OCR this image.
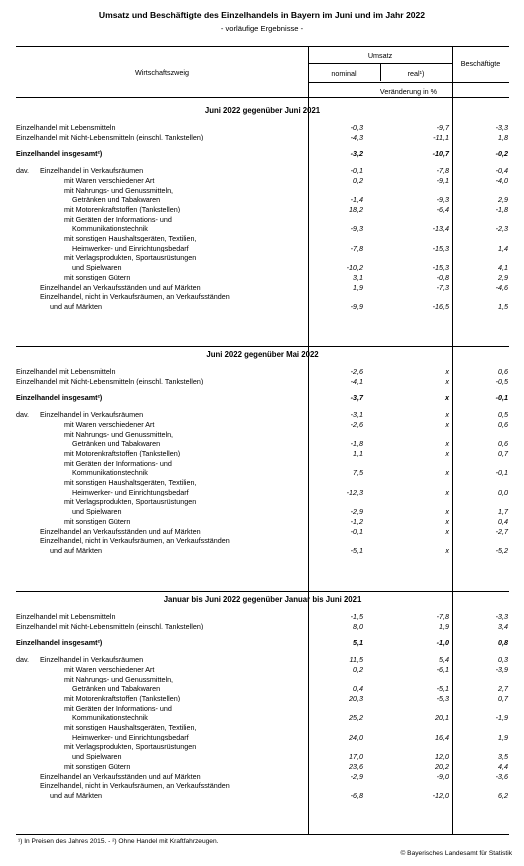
Umsatz und Beschäftigte des Einzelhandels in Bayern im Juni und im Jahr 2022
- vorläufige Ergebnisse -
Wirtschaftszweig
Umsatz
nominal	real¹)
Beschäftigte
Veränderung in %
Juni 2022 gegenüber Juni 2021
Einzelhandel mit Lebensmitteln	-0,3	-9,7	-3,3
Einzelhandel mit Nicht-Lebensmitteln (einschl. Tankstellen)	-4,3	-11,1	1,8
Einzelhandel insgesamt²)	-3,2	-10,7	-0,2
dav. Einzelhandel in Verkaufsräumen	-0,1	-7,8	-0,4
mit Waren verschiedener Art	0,2	-9,1	-4,0
mit Nahrungs- und Genussmitteln,
Getränken und Tabakwaren	-1,4	-9,3	2,9
mit Motorenkraftstoffen (Tankstellen)	18,2	-6,4	-1,8
mit Geräten der Informations- und
Kommunikationstechnik	-9,3	-13,4	-2,3
mit sonstigen Haushaltsgeräten, Textilien,
Heimwerker- und Einrichtungsbedarf	-7,8	-15,3	1,4
mit Verlagsprodukten, Sportausrüstungen
und Spielwaren	-10,2	-15,3	4,1
mit sonstigen Gütern	3,1	-0,8	2,9
Einzelhandel an Verkaufsständen und auf Märkten	1,9	-7,3	-4,6
Einzelhandel, nicht in Verkaufsräumen, an Verkaufsständen
und auf Märkten	-9,9	-16,5	1,5
Juni 2022 gegenüber Mai 2022
Einzelhandel mit Lebensmitteln	-2,6	x	0,6
Einzelhandel mit Nicht-Lebensmitteln (einschl. Tankstellen)	-4,1	x	-0,5
Einzelhandel insgesamt²)	-3,7	x	-0,1
dav. Einzelhandel in Verkaufsräumen	-3,1	x	0,5
mit Waren verschiedener Art	-2,6	x	0,6
mit Nahrungs- und Genussmitteln,
Getränken und Tabakwaren	-1,8	x	0,6
mit Motorenkraftstoffen (Tankstellen)	1,1	x	0,7
mit Geräten der Informations- und
Kommunikationstechnik	7,5	x	-0,1
mit sonstigen Haushaltsgeräten, Textilien,
Heimwerker- und Einrichtungsbedarf	-12,3	x	0,0
mit Verlagsprodukten, Sportausrüstungen
und Spielwaren	-2,9	x	1,7
mit sonstigen Gütern	-1,2	x	0,4
Einzelhandel an Verkaufsständen und auf Märkten	-0,1	x	-2,7
Einzelhandel, nicht in Verkaufsräumen, an Verkaufsständen
und auf Märkten	-5,1	x	-5,2
Januar bis Juni 2022 gegenüber Januar bis Juni 2021
Einzelhandel mit Lebensmitteln	-1,5	-7,8	-3,3
Einzelhandel mit Nicht-Lebensmitteln (einschl. Tankstellen)	8,0	1,9	3,4
Einzelhandel insgesamt²)	5,1	-1,0	0,8
dav. Einzelhandel in Verkaufsräumen	11,5	5,4	0,3
mit Waren verschiedener Art	0,2	-6,1	-3,9
mit Nahrungs- und Genussmitteln,
Getränken und Tabakwaren	0,4	-5,1	2,7
mit Motorenkraftstoffen (Tankstellen)	20,3	-5,3	0,7
mit Geräten der Informations- und
Kommunikationstechnik	25,2	20,1	-1,9
mit sonstigen Haushaltsgeräten, Textilien,
Heimwerker- und Einrichtungsbedarf	24,0	16,4	1,9
mit Verlagsprodukten, Sportausrüstungen
und Spielwaren	17,0	12,0	3,5
mit sonstigen Gütern	23,6	20,2	4,4
Einzelhandel an Verkaufsständen und auf Märkten	-2,9	-9,0	-3,6
Einzelhandel, nicht in Verkaufsräumen, an Verkaufsständen
und auf Märkten	-6,8	-12,0	6,2
¹) In Preisen des Jahres 2015. - ²) Ohne Handel mit Kraftfahrzeugen.
© Bayerisches Landesamt für Statistik
